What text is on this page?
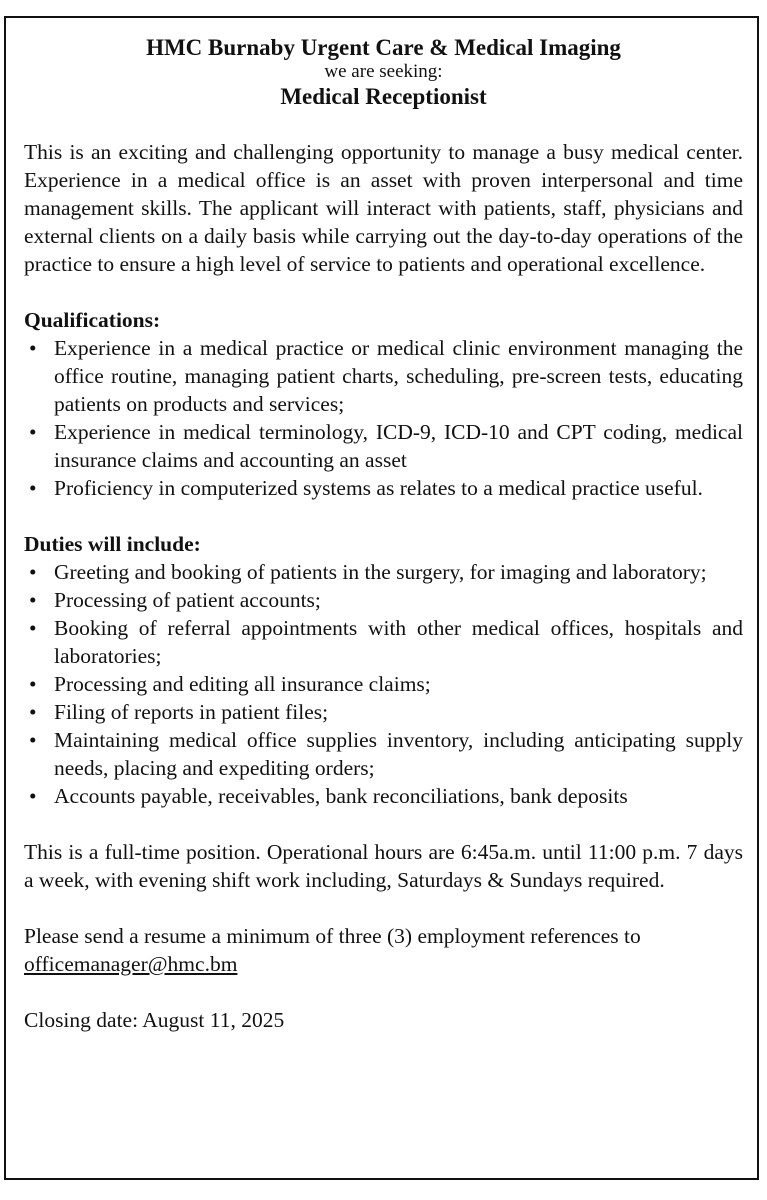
HMC Burnaby Urgent Care & Medical Imaging
we are seeking:
Medical Receptionist

This is an exciting and challenging opportunity to manage a busy medical center. Experience in a medical office is an asset with proven interpersonal and time management skills. The applicant will interact with patients, staff, physicians and external clients on a daily basis while carrying out the day-to-day operations of the practice to ensure a high level of service to patients and operational excellence.

Qualifications:
• Experience in a medical practice or medical clinic environment managing the office routine, managing patient charts, scheduling, pre-screen tests, educating patients on products and services;
• Experience in medical terminology, ICD-9, ICD-10 and CPT coding, medical insurance claims and accounting an asset
• Proficiency in computerized systems as relates to a medical practice useful.
Duties will include:
• Greeting and booking of patients in the surgery, for imaging and laboratory;
• Processing of patient accounts;
• Booking of referral appointments with other medical offices, hospitals and laboratories;
• Processing and editing all insurance claims;
• Filing of reports in patient files;
• Maintaining medical office supplies inventory, including anticipating supply needs, placing and expediting orders;
• Accounts payable, receivables, bank reconciliations, bank deposits

This is a full-time position. Operational hours are 6:45a.m. until 11:00 p.m. 7 days a week, with evening shift work including, Saturdays & Sundays required.

Please send a resume a minimum of three (3) employment references to
officemanager@hmc.bm

Closing date: August 11, 2025
